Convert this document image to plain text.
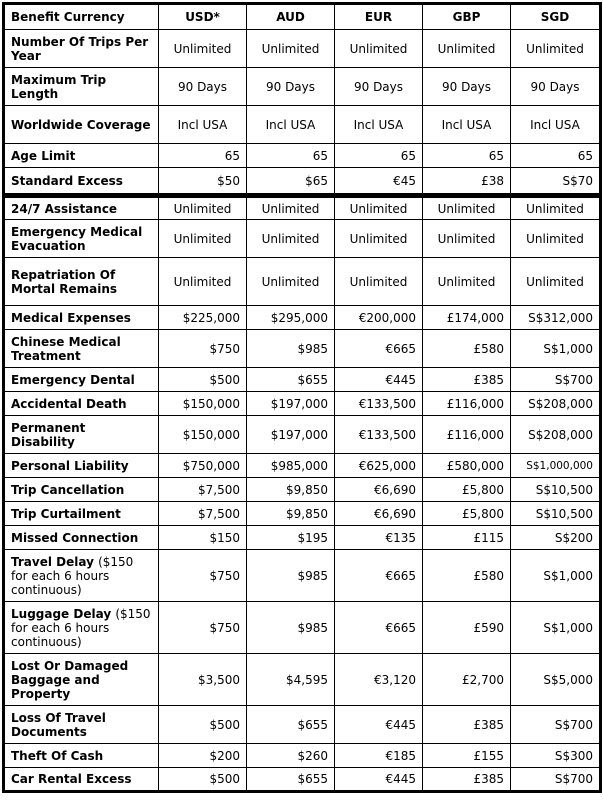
Benefit Currency	USD*	AUD	EUR	GBP	SGD
Number Of Trips Per Year	Unlimited	Unlimited	Unlimited	Unlimited	Unlimited
Maximum Trip Length	90 Days	90 Days	90 Days	90 Days	90 Days
Worldwide Coverage	Incl USA	Incl USA	Incl USA	Incl USA	Incl USA
Age Limit	65	65	65	65	65
Standard Excess	$50	$65	€45	£38	S$70
24/7 Assistance	Unlimited	Unlimited	Unlimited	Unlimited	Unlimited
Emergency Medical Evacuation	Unlimited	Unlimited	Unlimited	Unlimited	Unlimited
Repatriation Of Mortal Remains	Unlimited	Unlimited	Unlimited	Unlimited	Unlimited
Medical Expenses	$225,000	$295,000	€200,000	£174,000	S$312,000
Chinese Medical Treatment	$750	$985	€665	£580	S$1,000
Emergency Dental	$500	$655	€445	£385	S$700
Accidental Death	$150,000	$197,000	€133,500	£116,000	S$208,000
Permanent Disability	$150,000	$197,000	€133,500	£116,000	S$208,000
Personal Liability	$750,000	$985,000	€625,000	£580,000	S$1,000,000
Trip Cancellation	$7,500	$9,850	€6,690	£5,800	S$10,500
Trip Curtailment	$7,500	$9,850	€6,690	£5,800	S$10,500
Missed Connection	$150	$195	€135	£115	S$200
Travel Delay ($150 for each 6 hours continuous)	$750	$985	€665	£580	S$1,000
Luggage Delay ($150 for each 6 hours continuous)	$750	$985	€665	£590	S$1,000
Lost Or Damaged Baggage and Property	$3,500	$4,595	€3,120	£2,700	S$5,000
Loss Of Travel Documents	$500	$655	€445	£385	S$700
Theft Of Cash	$200	$260	€185	£155	S$300
Car Rental Excess	$500	$655	€445	£385	S$700
